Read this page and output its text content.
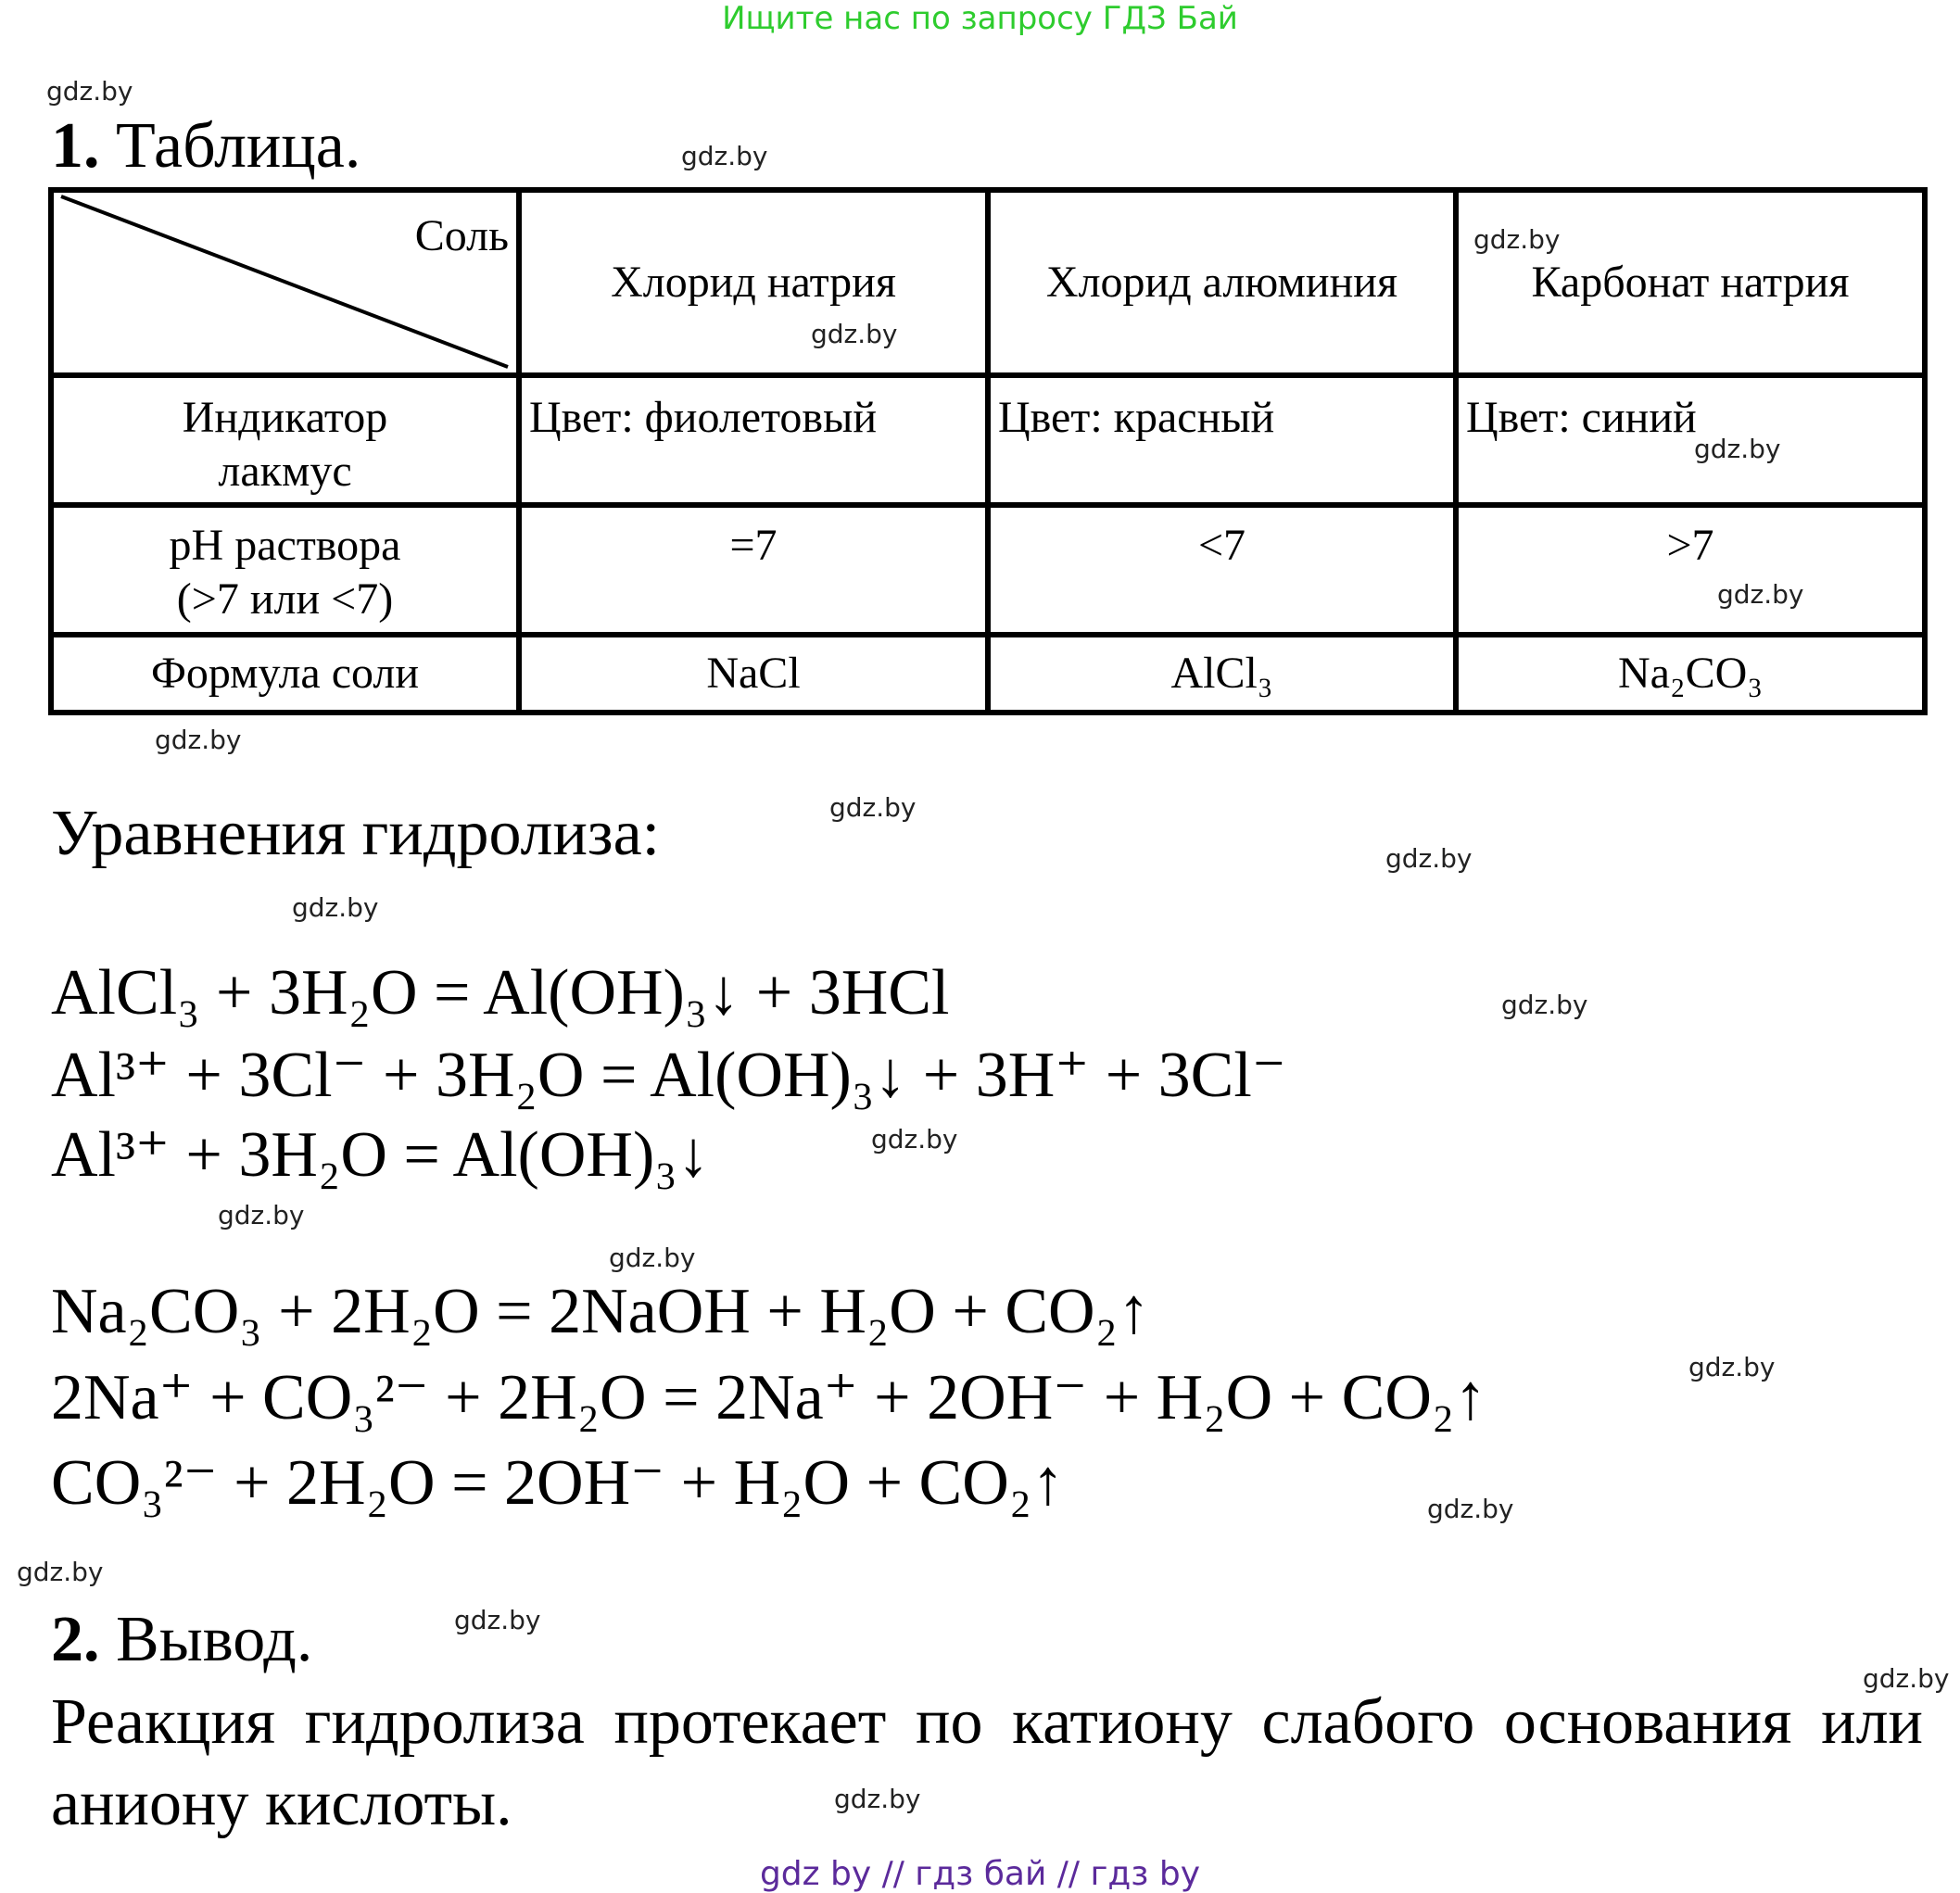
Ищите нас по запросу ГДЗ Бай
gdz.by
gdz.by
gdz.by
gdz.by
gdz.by
gdz.by
gdz.by
gdz.by
gdz.by
gdz.by
gdz.by
gdz.by
gdz.by
gdz.by
gdz.by
gdz.by
gdz.by
gdz.by
gdz.by
gdz.by
1. Таблица.
Соль	Хлорид натрия	Хлорид алюминия	Карбонат натрия

Индикатор
лакмус	Цвет: фиолетовый	Цвет: красный	Цвет: синий

pH раствора
(>7 или <7)	=7	<7	>7

Формула соли	NaCl	AlCl₃	Na₂CO₃
Уравнения гидролиза:
AlCl₃ + 3H₂O = Al(OH)₃↓ + 3HCl
Al³⁺ + 3Cl⁻ + 3H₂O = Al(OH)₃↓ + 3H⁺ + 3Cl⁻
Al³⁺ + 3H₂O = Al(OH)₃↓
Na₂CO₃ + 2H₂O = 2NaOH + H₂O + CO₂↑
2Na⁺ + CO₃²⁻ + 2H₂O = 2Na⁺ + 2OH⁻ + H₂O + CO₂↑
CO₃²⁻ + 2H₂O = 2OH⁻ + H₂O + CO₂↑
2. Вывод.
Реакция гидролиза протекает по катиону слабого основания или аниону кислоты.
gdz by // гдз бай // гдз by
